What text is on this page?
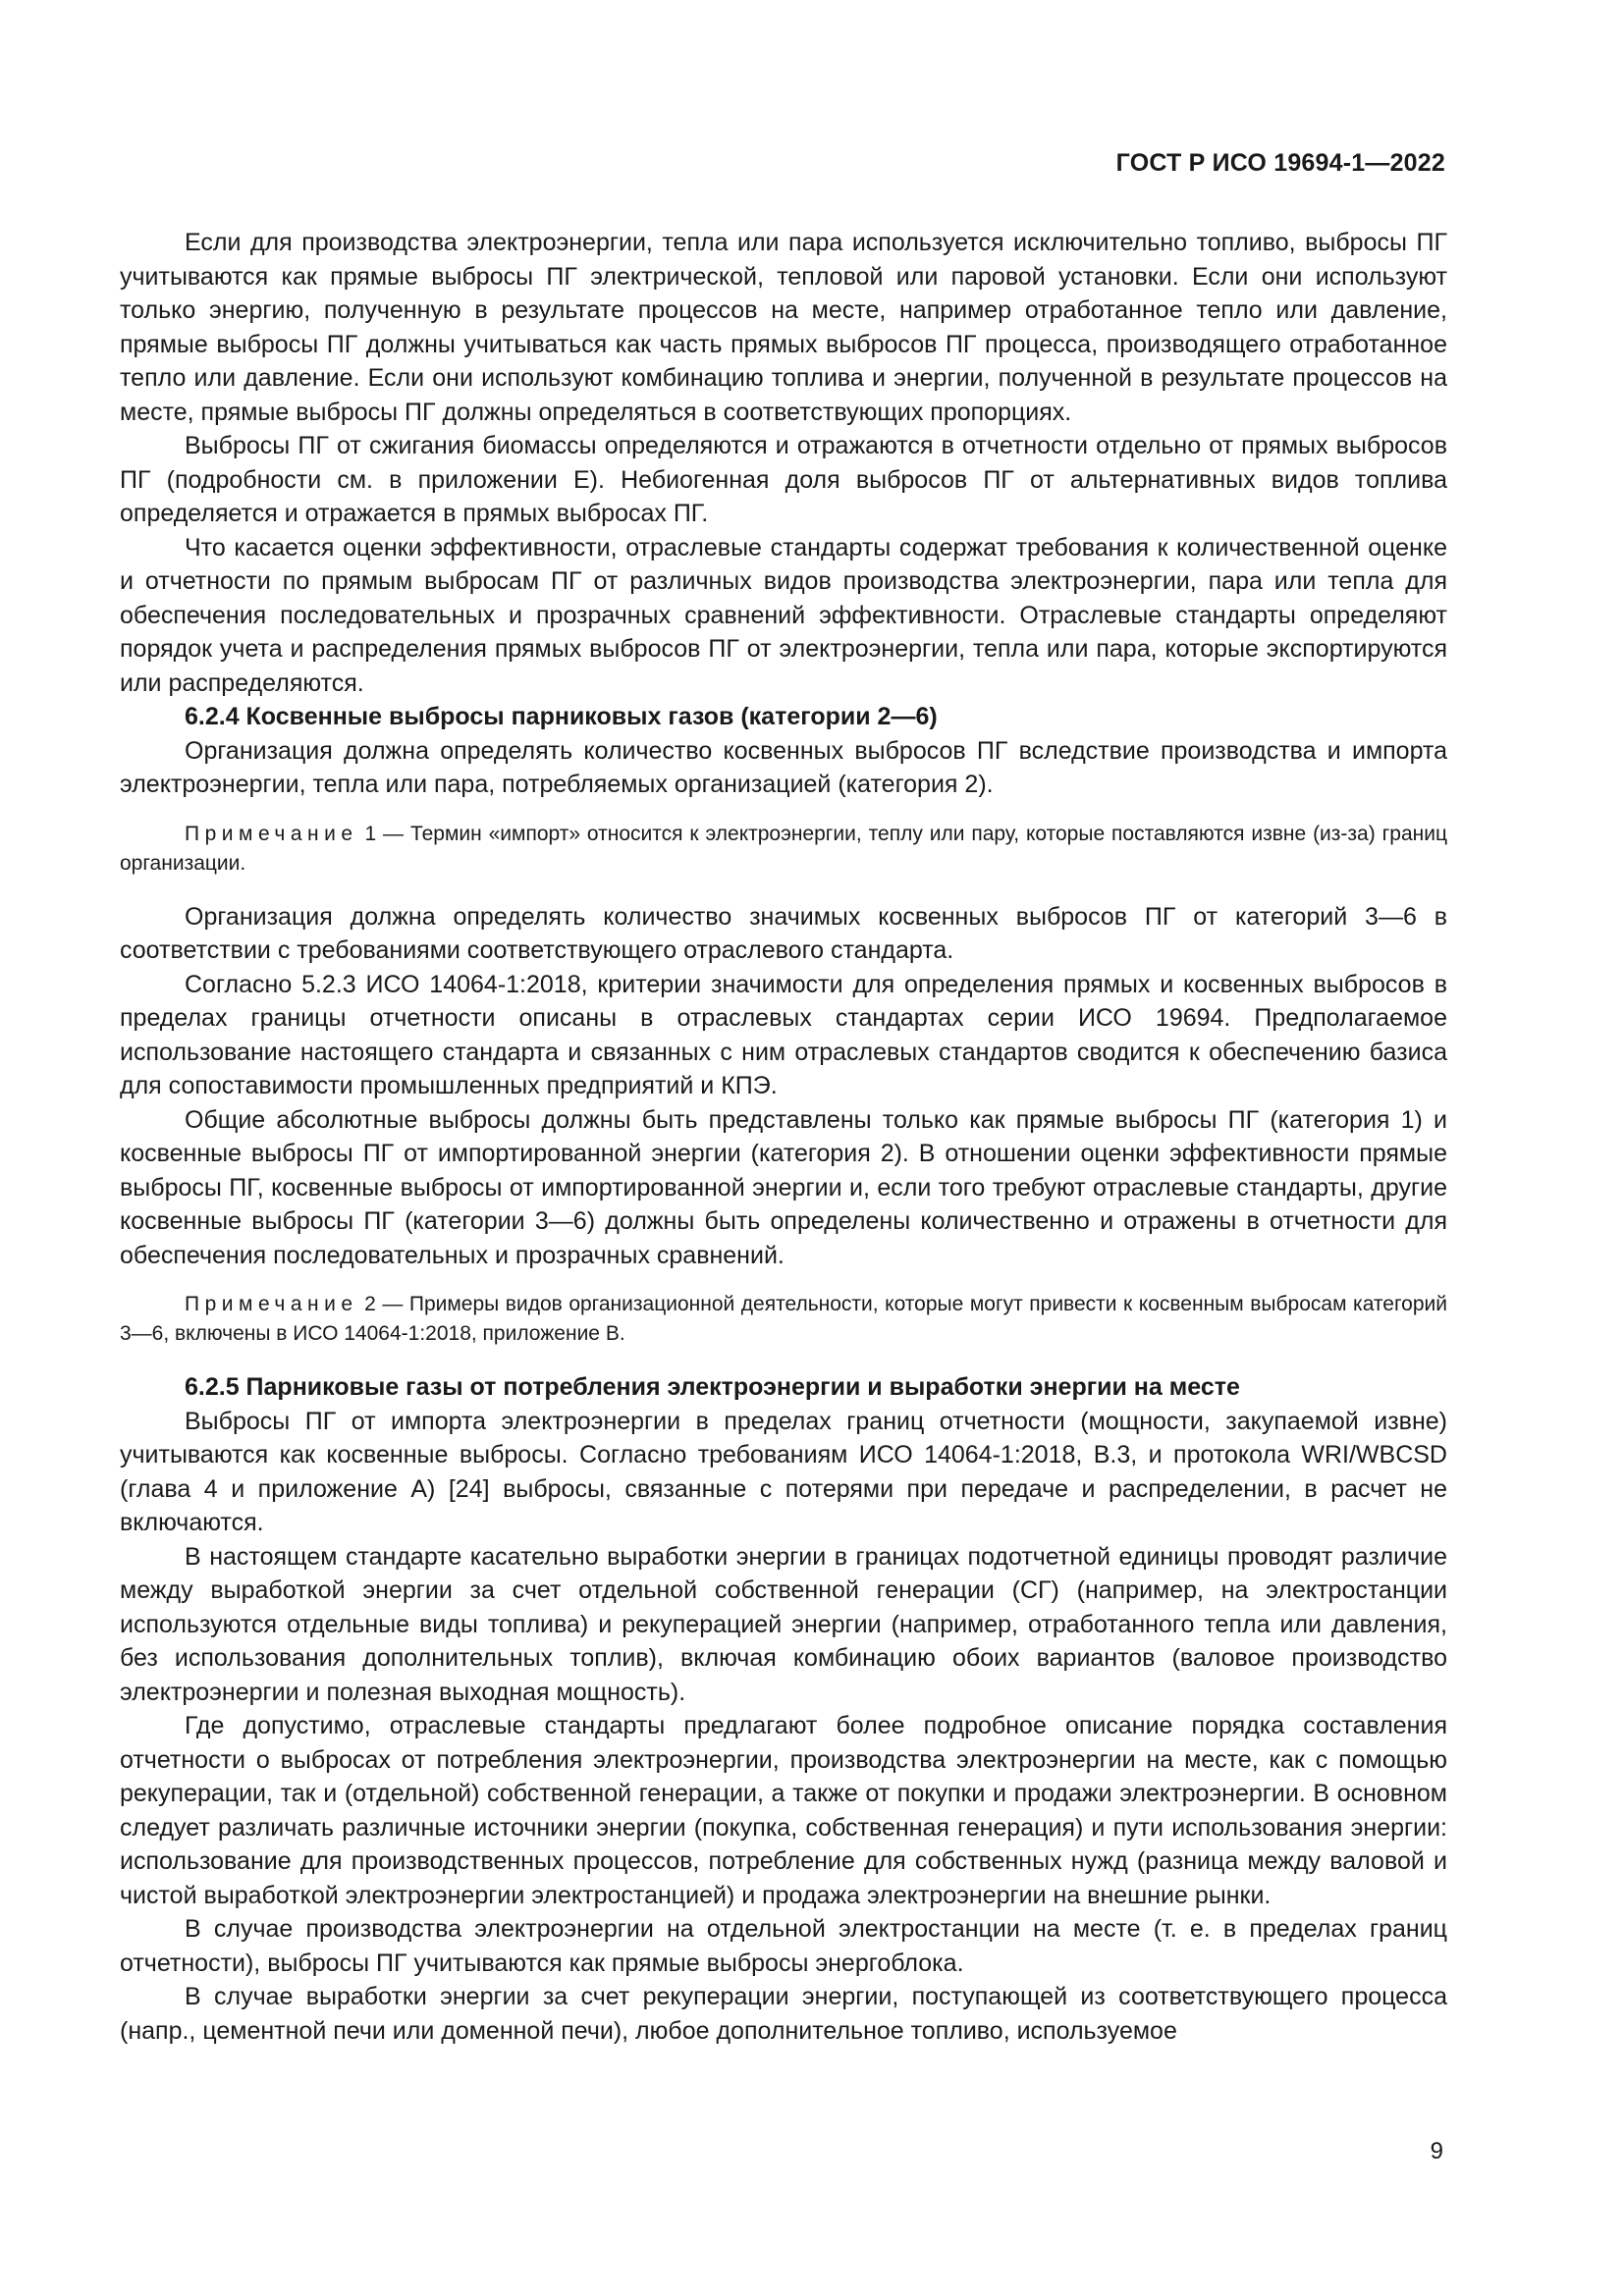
ГОСТ Р ИСО 19694-1—2022

Если для производства электроэнергии, тепла или пара используется исключительно топливо, выбросы ПГ учитываются как прямые выбросы ПГ электрической, тепловой или паровой установки. Если они используют только энергию, полученную в результате процессов на месте, например отработанное тепло или давление, прямые выбросы ПГ должны учитываться как часть прямых выбросов ПГ процесса, производящего отработанное тепло или давление. Если они используют комбинацию топлива и энергии, полученной в результате процессов на месте, прямые выбросы ПГ должны определяться в соответствующих пропорциях.

Выбросы ПГ от сжигания биомассы определяются и отражаются в отчетности отдельно от прямых выбросов ПГ (подробности см. в приложении Е). Небиогенная доля выбросов ПГ от альтернативных видов топлива определяется и отражается в прямых выбросах ПГ.

Что касается оценки эффективности, отраслевые стандарты содержат требования к количественной оценке и отчетности по прямым выбросам ПГ от различных видов производства электроэнергии, пара или тепла для обеспечения последовательных и прозрачных сравнений эффективности. Отраслевые стандарты определяют порядок учета и распределения прямых выбросов ПГ от электроэнергии, тепла или пара, которые экспортируются или распределяются.

6.2.4 Косвенные выбросы парниковых газов (категории 2—6)

Организация должна определять количество косвенных выбросов ПГ вследствие производства и импорта электроэнергии, тепла или пара, потребляемых организацией (категория 2).

Примечание 1 — Термин «импорт» относится к электроэнергии, теплу или пару, которые поставляются извне (из-за) границ организации.

Организация должна определять количество значимых косвенных выбросов ПГ от категорий 3—6 в соответствии с требованиями соответствующего отраслевого стандарта.

Согласно 5.2.3 ИСО 14064-1:2018, критерии значимости для определения прямых и косвенных выбросов в пределах границы отчетности описаны в отраслевых стандартах серии ИСО 19694. Предполагаемое использование настоящего стандарта и связанных с ним отраслевых стандартов сводится к обеспечению базиса для сопоставимости промышленных предприятий и КПЭ.

Общие абсолютные выбросы должны быть представлены только как прямые выбросы ПГ (категория 1) и косвенные выбросы ПГ от импортированной энергии (категория 2). В отношении оценки эффективности прямые выбросы ПГ, косвенные выбросы от импортированной энергии и, если того требуют отраслевые стандарты, другие косвенные выбросы ПГ (категории 3—6) должны быть определены количественно и отражены в отчетности для обеспечения последовательных и прозрачных сравнений.

Примечание 2 — Примеры видов организационной деятельности, которые могут привести к косвенным выбросам категорий 3—6, включены в ИСО 14064-1:2018, приложение В.

6.2.5 Парниковые газы от потребления электроэнергии и выработки энергии на месте

Выбросы ПГ от импорта электроэнергии в пределах границ отчетности (мощности, закупаемой извне) учитываются как косвенные выбросы. Согласно требованиям ИСО 14064-1:2018, В.3, и протокола WRI/WBCSD (глава 4 и приложение А) [24] выбросы, связанные с потерями при передаче и распределении, в расчет не включаются.

В настоящем стандарте касательно выработки энергии в границах подотчетной единицы проводят различие между выработкой энергии за счет отдельной собственной генерации (СГ) (например, на электростанции используются отдельные виды топлива) и рекуперацией энергии (например, отработанного тепла или давления, без использования дополнительных топлив), включая комбинацию обоих вариантов (валовое производство электроэнергии и полезная выходная мощность).

Где допустимо, отраслевые стандарты предлагают более подробное описание порядка составления отчетности о выбросах от потребления электроэнергии, производства электроэнергии на месте, как с помощью рекуперации, так и (отдельной) собственной генерации, а также от покупки и продажи электроэнергии. В основном следует различать различные источники энергии (покупка, собственная генерация) и пути использования энергии: использование для производственных процессов, потребление для собственных нужд (разница между валовой и чистой выработкой электроэнергии электростанцией) и продажа электроэнергии на внешние рынки.

В случае производства электроэнергии на отдельной электростанции на месте (т. е. в пределах границ отчетности), выбросы ПГ учитываются как прямые выбросы энергоблока.

В случае выработки энергии за счет рекуперации энергии, поступающей из соответствующего процесса (напр., цементной печи или доменной печи), любое дополнительное топливо, используемое

9
